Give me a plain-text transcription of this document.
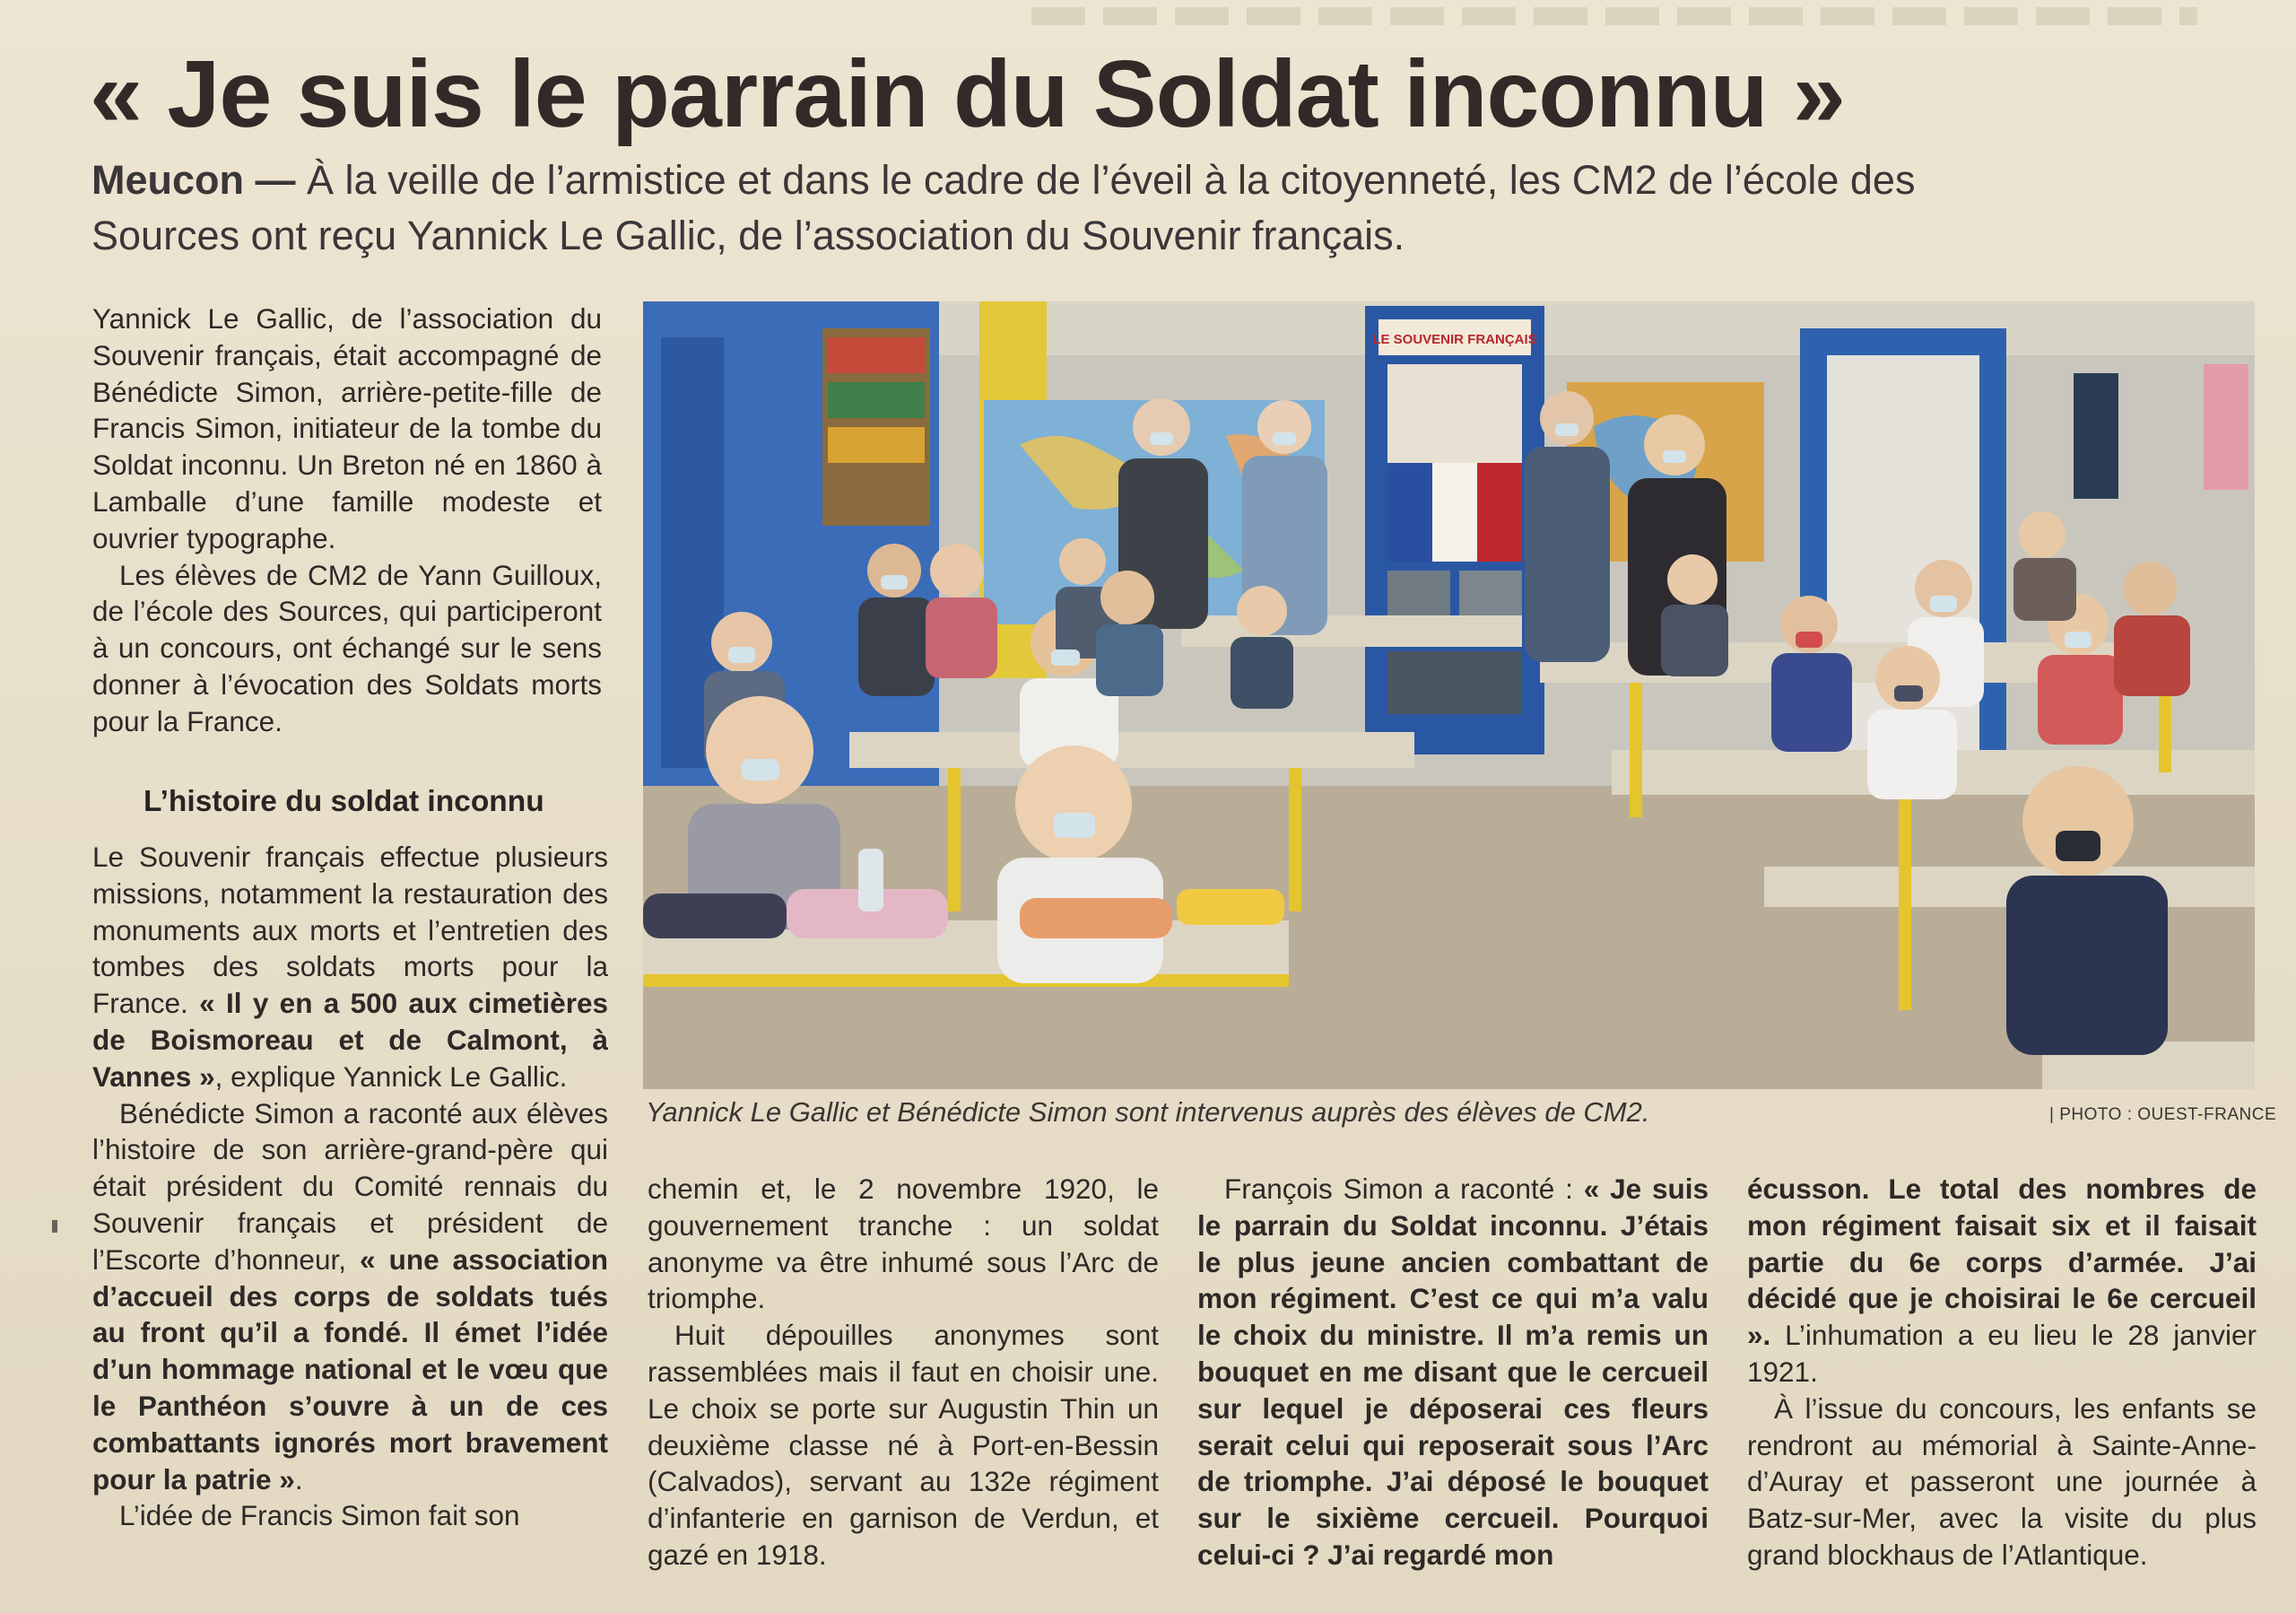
« Je suis le parrain du Soldat inconnu »

Meucon — À la veille de l’armistice et dans le cadre de l’éveil à la citoyenneté, les CM2 de l’école des Sources ont reçu Yannick Le Gallic, de l’association du Souvenir français.

LE SOUVENIR FRANÇAIS

Yannick Le Gallic et Bénédicte Simon sont intervenus auprès des élèves de CM2.	| PHOTO : OUEST-FRANCE

Yannick Le Gallic, de l’association du Souvenir français, était accompagné de Bénédicte Simon, arrière-petite-fille de Francis Simon, initiateur de la tombe du Soldat inconnu. Un Breton né en 1860 à Lamballe d’une famille modeste et ouvrier typographe.

Les élèves de CM2 de Yann Guilloux, de l’école des Sources, qui participeront à un concours, ont échangé sur le sens donner à l’évocation des Soldats morts pour la France.

L’histoire du soldat inconnu

Le Souvenir français effectue plusieurs missions, notamment la restauration des monuments aux morts et l’entretien des tombes des soldats morts pour la France. « Il y en a 500 aux cimetières de Boismoreau et de Calmont, à Vannes », explique Yannick Le Gallic.

Bénédicte Simon a raconté aux élèves l’histoire de son arrière-grand-père qui était président du Comité rennais du Souvenir français et président de l’Escorte d’honneur, « une association d’accueil des corps de soldats tués au front qu’il a fondé. Il émet l’idée d’un hommage national et le vœu que le Panthéon s’ouvre à un de ces combattants ignorés mort bravement pour la patrie ».

L’idée de Francis Simon fait son

chemin et, le 2 novembre 1920, le gouvernement tranche : un soldat anonyme va être inhumé sous l’Arc de triomphe.

Huit dépouilles anonymes sont rassemblées mais il faut en choisir une. Le choix se porte sur Augustin Thin un deuxième classe né à Port-en-Bessin (Calvados), servant au 132e régiment d’infanterie en garnison de Verdun, et gazé en 1918.

François Simon a raconté : « Je suis le parrain du Soldat inconnu. J’étais le plus jeune ancien combattant de mon régiment. C’est ce qui m’a valu le choix du ministre. Il m’a remis un bouquet en me disant que le cercueil sur lequel je déposerai ces fleurs serait celui qui reposerait sous l’Arc de triomphe. J’ai déposé le bouquet sur le sixième cercueil. Pourquoi celui-ci ? J’ai regardé mon

écusson. Le total des nombres de mon régiment faisait six et il faisait partie du 6e corps d’armée. J’ai décidé que je choisirai le 6e cercueil ». L’inhumation a eu lieu le 28 janvier 1921.

À l’issue du concours, les enfants se rendront au mémorial à Sainte-Anne-d’Auray et passeront une journée à Batz-sur-Mer, avec la visite du plus grand blockhaus de l’Atlantique.
